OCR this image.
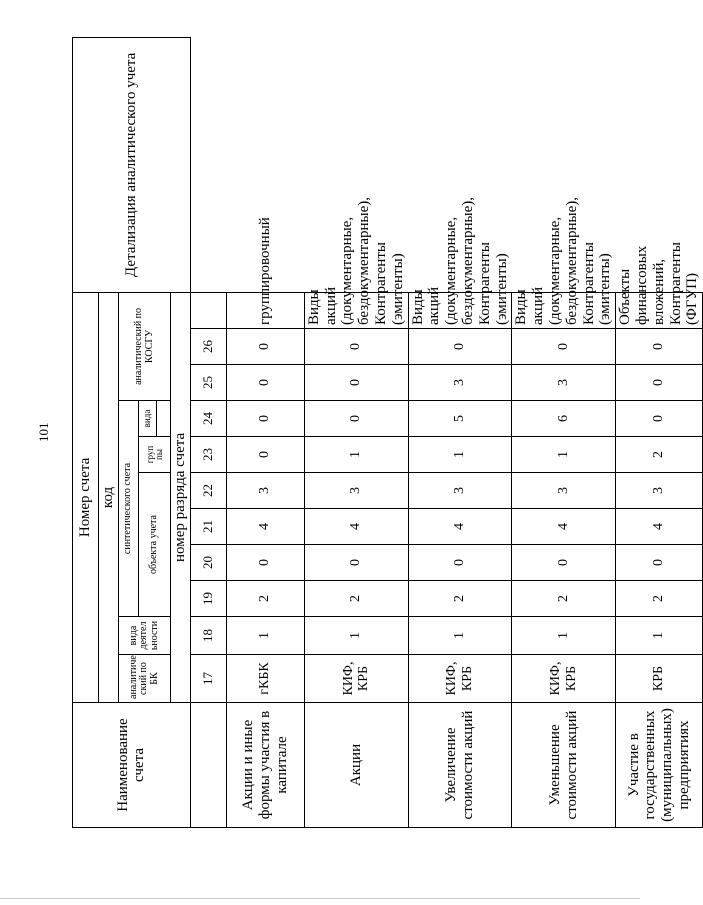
101
Наименование счета	Номер счета											Детализация аналитического учета
	код											
	аналитиче ский по БК	вида деятел ьности	синтетического счета						аналитический по КОСГУ			
			объекта учета				груп пы	вида				

	номер разряда счета											
	17	18	19	20	21	22	23	24	25	26		
Акции и иные формы участия в капитале	гКБК	1	2	0	4	3	0	0	0	0	группировочный	
Акции	КИФ, КРБ	1	2	0	4	3	1	0	0	0	Виды акций (документарные, бездокументарные), Контрагенты (эмитенты)	
Увеличение стоимости акций	КИФ, КРБ	1	2	0	4	3	1	5	3	0	Виды акций (документарные, бездокументарные), Контрагенты (эмитенты)	
Уменьшение стоимости акций	КИФ, КРБ	1	2	0	4	3	1	6	3	0	Виды акций (документарные, бездокументарные), Контрагенты (эмитенты)	
Участие в государственных (муниципальных) предприятиях	КРБ	1	2	0	4	3	2	0	0	0	Объекты финансовых вложений, Контрагенты (ФГУП)	
